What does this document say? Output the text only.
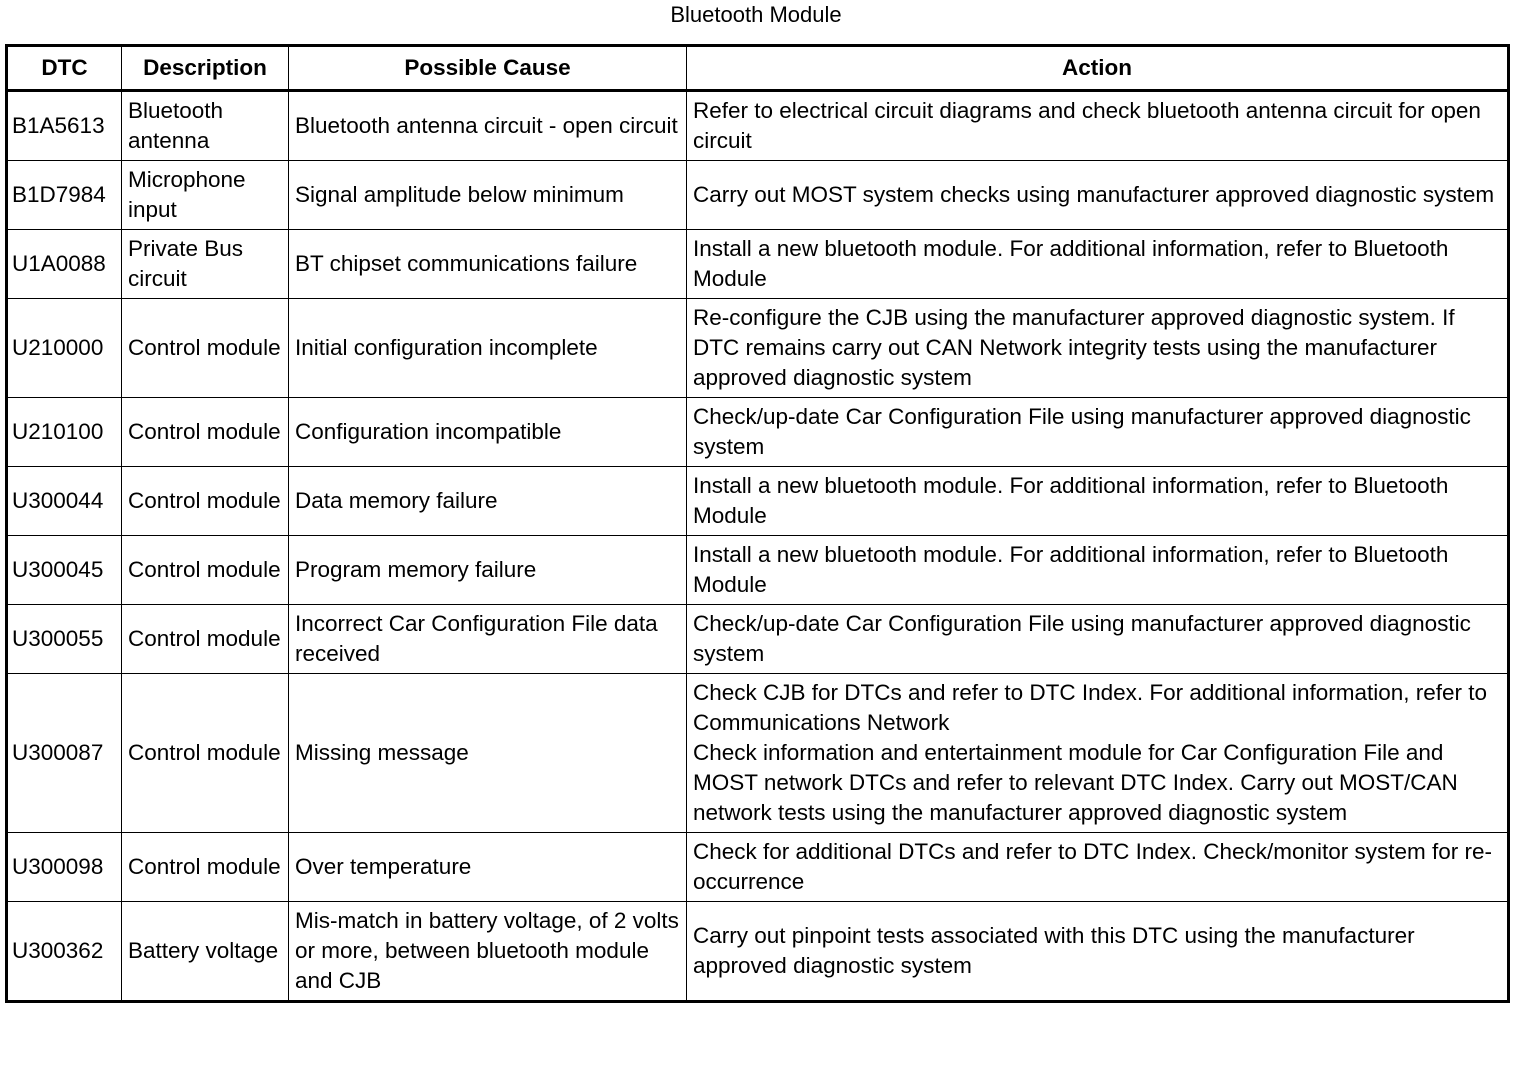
Bluetooth Module
DTC	Description	Possible Cause	Action
B1A5613	Bluetooth antenna	Bluetooth antenna circuit - open circuit	Refer to electrical circuit diagrams and check bluetooth antenna circuit for open circuit

B1D7984	Microphone input	Signal amplitude below minimum	Carry out MOST system checks using manufacturer approved diagnostic system

U1A0088	Private Bus circuit	BT chipset communications failure	Install a new bluetooth module. For additional information, refer to Bluetooth Module

U210000	Control module	Initial configuration incomplete	Re-configure the CJB using the manufacturer approved diagnostic system. If DTC remains carry out CAN Network integrity tests using the manufacturer approved diagnostic system

U210100	Control module	Configuration incompatible	Check/up-date Car Configuration File using manufacturer approved diagnostic system

U300044	Control module	Data memory failure	Install a new bluetooth module. For additional information, refer to Bluetooth Module

U300045	Control module	Program memory failure	Install a new bluetooth module. For additional information, refer to Bluetooth Module

U300055	Control module	Incorrect Car Configuration File data received	Check/up-date Car Configuration File using manufacturer approved diagnostic system

U300087	Control module	Missing message	Check CJB for DTCs and refer to DTC Index. For additional information, refer to Communications Network
Check information and entertainment module for Car Configuration File and MOST network DTCs and refer to relevant DTC Index. Carry out MOST/CAN network tests using the manufacturer approved diagnostic system

U300098	Control module	Over temperature	Check for additional DTCs and refer to DTC Index. Check/monitor system for re-occurrence

U300362	Battery voltage	Mis-match in battery voltage, of 2 volts or more, between bluetooth module and CJB	Carry out pinpoint tests associated with this DTC using the manufacturer approved diagnostic system
